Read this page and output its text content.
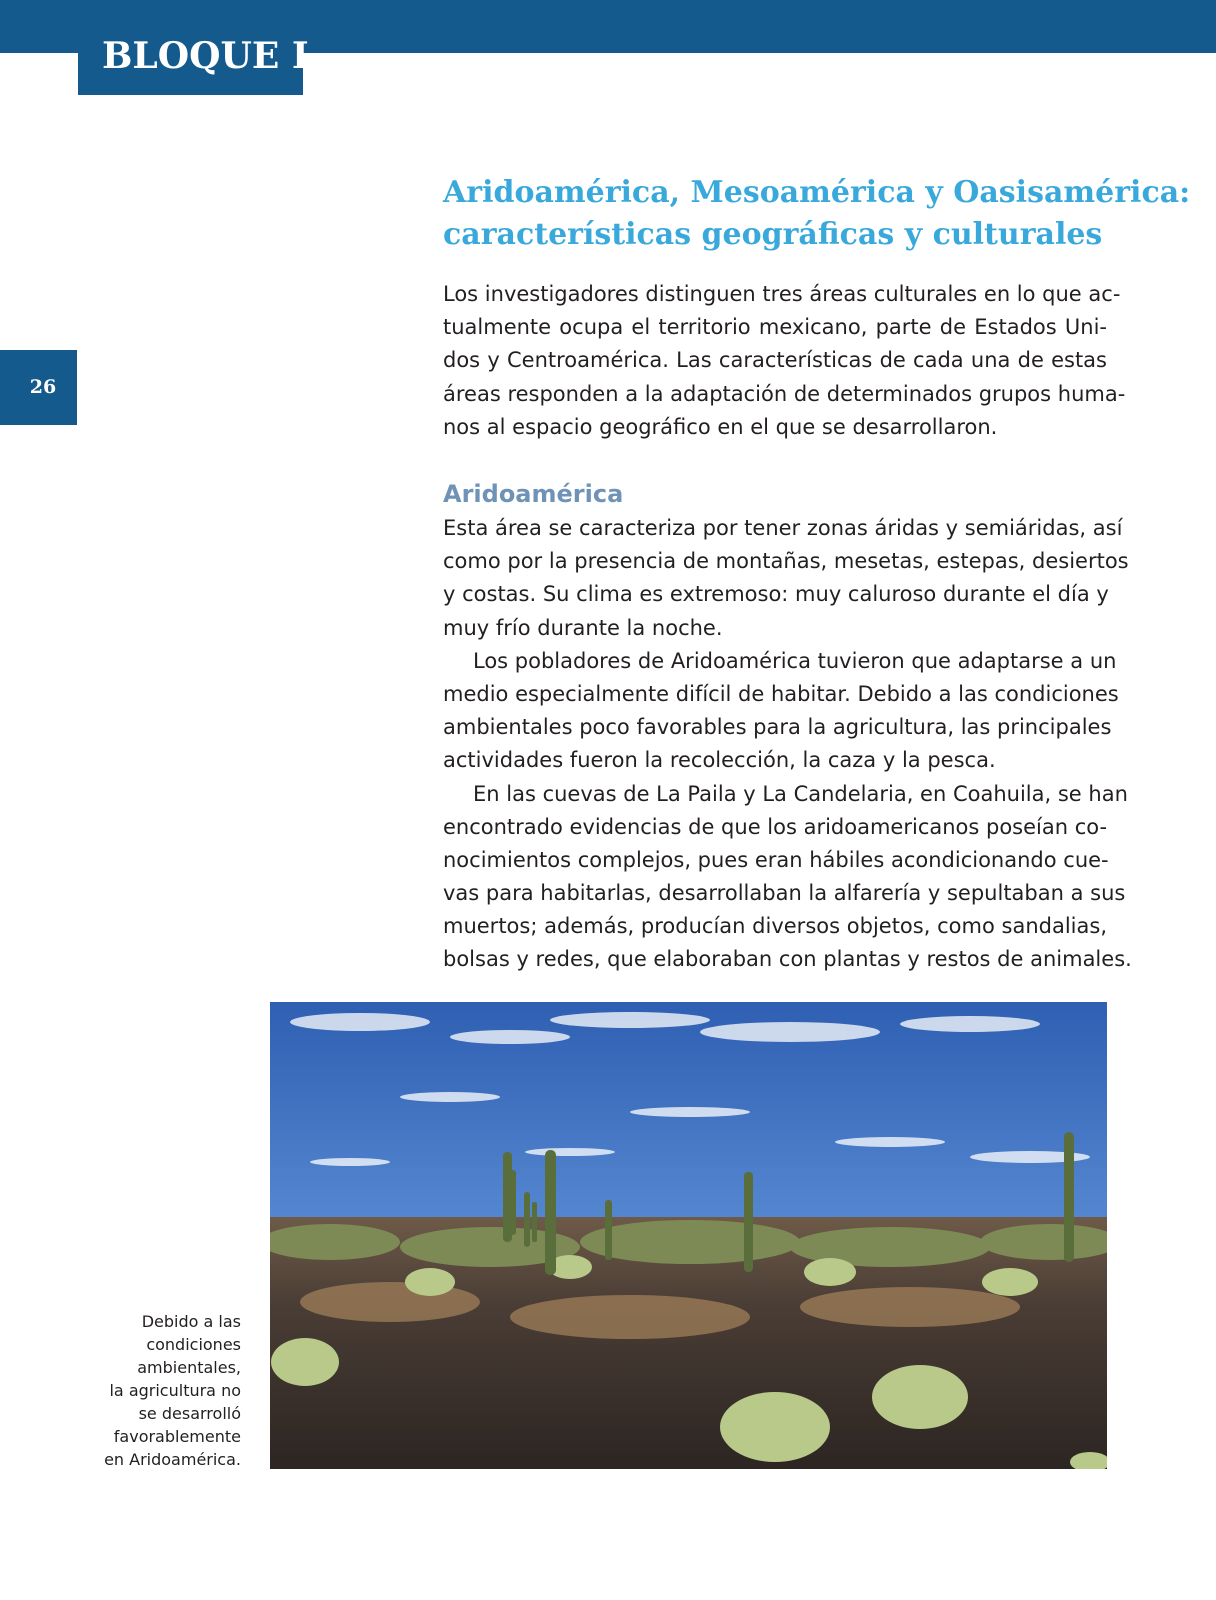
BLOQUE I
26
Aridoamérica, Mesoamérica y Oasisamérica:
características geográficas y culturales
Los investigadores distinguen tres áreas culturales en lo que ac-
tualmente ocupa el territorio mexicano, parte de Estados Uni-
dos y Centroamérica. Las características de cada una de estas
áreas responden a la adaptación de determinados grupos huma-
nos al espacio geográfico en el que se desarrollaron.
Aridoamérica
Esta área se caracteriza por tener zonas áridas y semiáridas, así
como por la presencia de montañas, mesetas, estepas, desiertos
y costas. Su clima es extremoso: muy caluroso durante el día y
muy frío durante la noche.
Los pobladores de Aridoamérica tuvieron que adaptarse a un
medio especialmente difícil de habitar. Debido a las condiciones
ambientales poco favorables para la agricultura, las principales
actividades fueron la recolección, la caza y la pesca.
En las cuevas de La Paila y La Candelaria, en Coahuila, se han
encontrado evidencias de que los aridoamericanos poseían co-
nocimientos complejos, pues eran hábiles acondicionando cue-
vas para habitarlas, desarrollaban la alfarería y sepultaban a sus
muertos; además, producían diversos objetos, como sandalias,
bolsas y redes, que elaboraban con plantas y restos de animales.
Debido a las
condiciones
ambientales,
la agricultura no
se desarrolló
favorablemente
en Aridoamérica.
